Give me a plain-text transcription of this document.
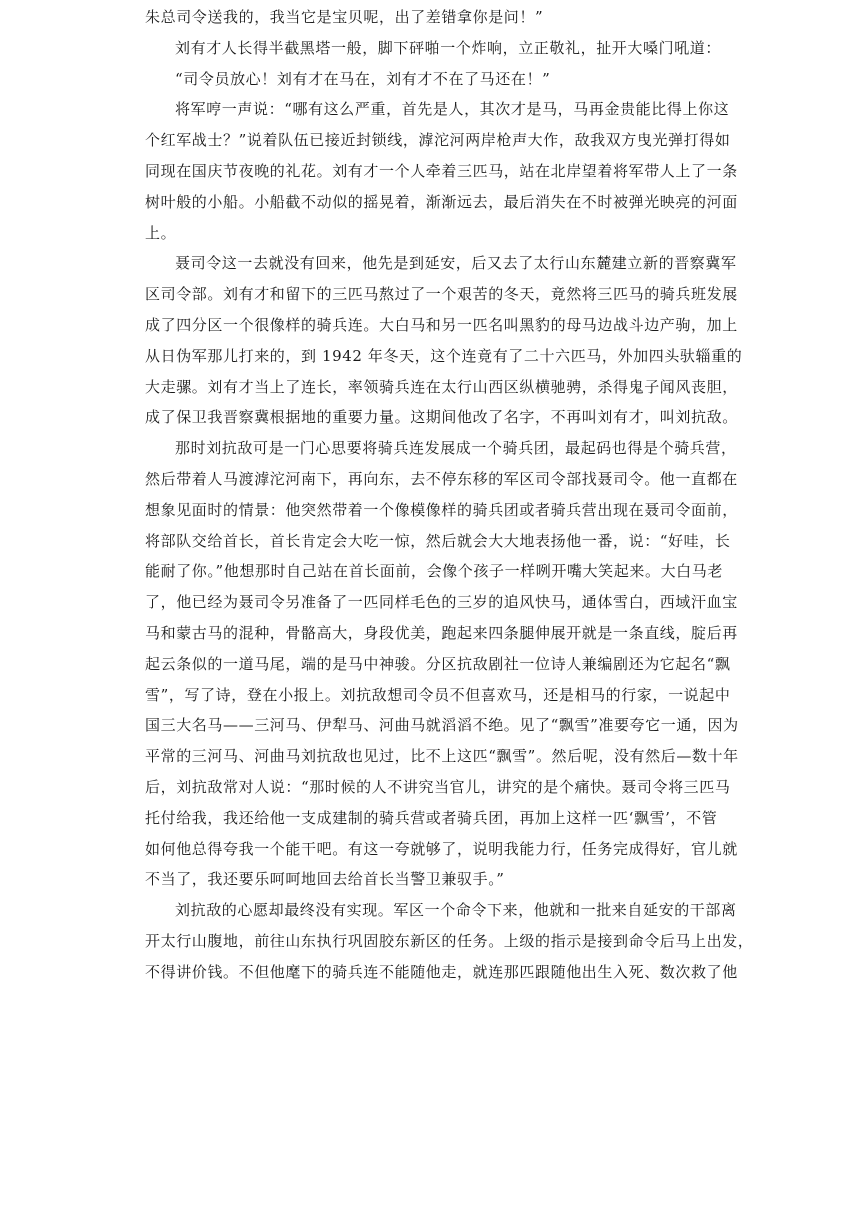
朱总司令送我的，我当它是宝贝呢，出了差错拿你是问！”
刘有才人长得半截黑塔一般，脚下砰啪一个炸响，立正敬礼，扯开大嗓门吼道：
“司令员放心！刘有才在马在，刘有才不在了马还在！”
将军哼一声说：“哪有这么严重，首先是人，其次才是马，马再金贵能比得上你这
个红军战士？”说着队伍已接近封锁线，滹沱河两岸枪声大作，敌我双方曳光弹打得如
同现在国庆节夜晚的礼花。刘有才一个人牵着三匹马，站在北岸望着将军带人上了一条
树叶般的小船。小船截不动似的摇晃着，渐渐远去，最后消失在不时被弹光映亮的河面
上。
聂司令这一去就没有回来，他先是到延安，后又去了太行山东麓建立新的晋察冀军
区司令部。刘有才和留下的三匹马熬过了一个艰苦的冬天，竟然将三匹马的骑兵班发展
成了四分区一个很像样的骑兵连。大白马和另一匹名叫黑豹的母马边战斗边产驹，加上
从日伪军那儿打来的，到 1942 年冬天，这个连竟有了二十六匹马，外加四头驮辎重的
大走骡。刘有才当上了连长，率领骑兵连在太行山西区纵横驰骋，杀得鬼子闻风丧胆，
成了保卫我晋察冀根据地的重要力量。这期间他改了名字，不再叫刘有才，叫刘抗敌。
那时刘抗敌可是一门心思要将骑兵连发展成一个骑兵团，最起码也得是个骑兵营，
然后带着人马渡滹沱河南下，再向东，去不停东移的军区司令部找聂司令。他一直都在
想象见面时的情景：他突然带着一个像模像样的骑兵团或者骑兵营出现在聂司令面前，
将部队交给首长，首长肯定会大吃一惊，然后就会大大地表扬他一番，说：“好哇，长
能耐了你。”他想那时自己站在首长面前，会像个孩子一样咧开嘴大笑起来。大白马老
了，他已经为聂司令另准备了一匹同样毛色的三岁的追风快马，通体雪白，西域汗血宝
马和蒙古马的混种，骨骼高大，身段优美，跑起来四条腿伸展开就是一条直线，腚后再
起云条似的一道马尾，端的是马中神骏。分区抗敌剧社一位诗人兼编剧还为它起名“飘
雪”，写了诗，登在小报上。刘抗敌想司令员不但喜欢马，还是相马的行家，一说起中
国三大名马——三河马、伊犁马、河曲马就滔滔不绝。见了“飘雪”准要夸它一通，因为
平常的三河马、河曲马刘抗敌也见过，比不上这匹“飘雪”。然后呢，没有然后—数十年
后，刘抗敌常对人说：“那时候的人不讲究当官儿，讲究的是个痛快。聂司令将三匹马
托付给我，我还给他一支成建制的骑兵营或者骑兵团，再加上这样一匹‘飘雪’，不管
如何他总得夸我一个能干吧。有这一夸就够了，说明我能力行，任务完成得好，官儿就
不当了，我还要乐呵呵地回去给首长当警卫兼驭手。”
刘抗敌的心愿却最终没有实现。军区一个命令下来，他就和一批来自延安的干部离
开太行山腹地，前往山东执行巩固胶东新区的任务。上级的指示是接到命令后马上出发，
不得讲价钱。不但他麾下的骑兵连不能随他走，就连那匹跟随他出生入死、数次救了他
